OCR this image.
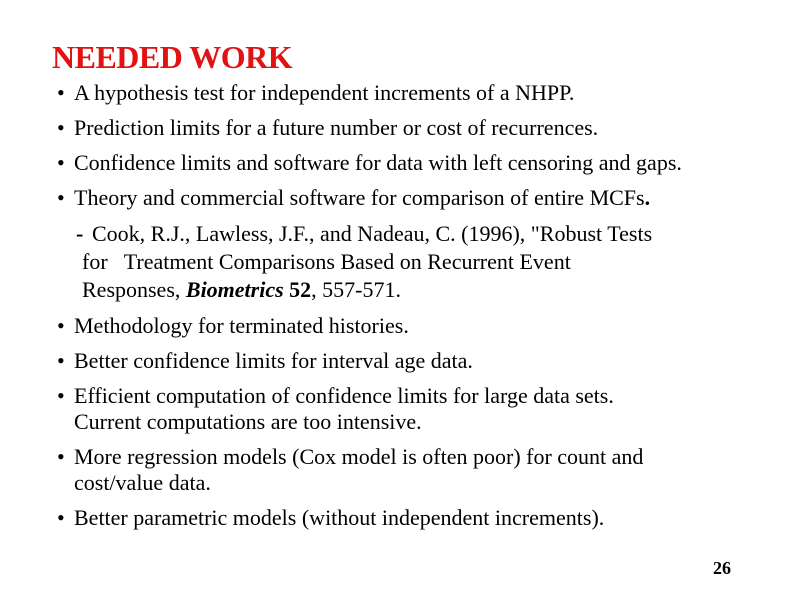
NEEDED WORK
• A hypothesis test for independent increments of a NHPP.
• Prediction limits for a future number or cost of recurrences.
• Confidence limits and software for data with left censoring and gaps.
• Theory and commercial software for comparison of entire MCFs.
- Cook, R.J., Lawless, J.F., and Nadeau, C. (1996), "Robust Tests
for   Treatment Comparisons Based on Recurrent Event
Responses, Biometrics 52, 557-571.
• Methodology for terminated histories.
• Better confidence limits for interval age data.
• Efficient computation of confidence limits for large data sets.
Current computations are too intensive.
• More regression models (Cox model is often poor) for count and
cost/value data.
• Better parametric models (without independent increments).
26
